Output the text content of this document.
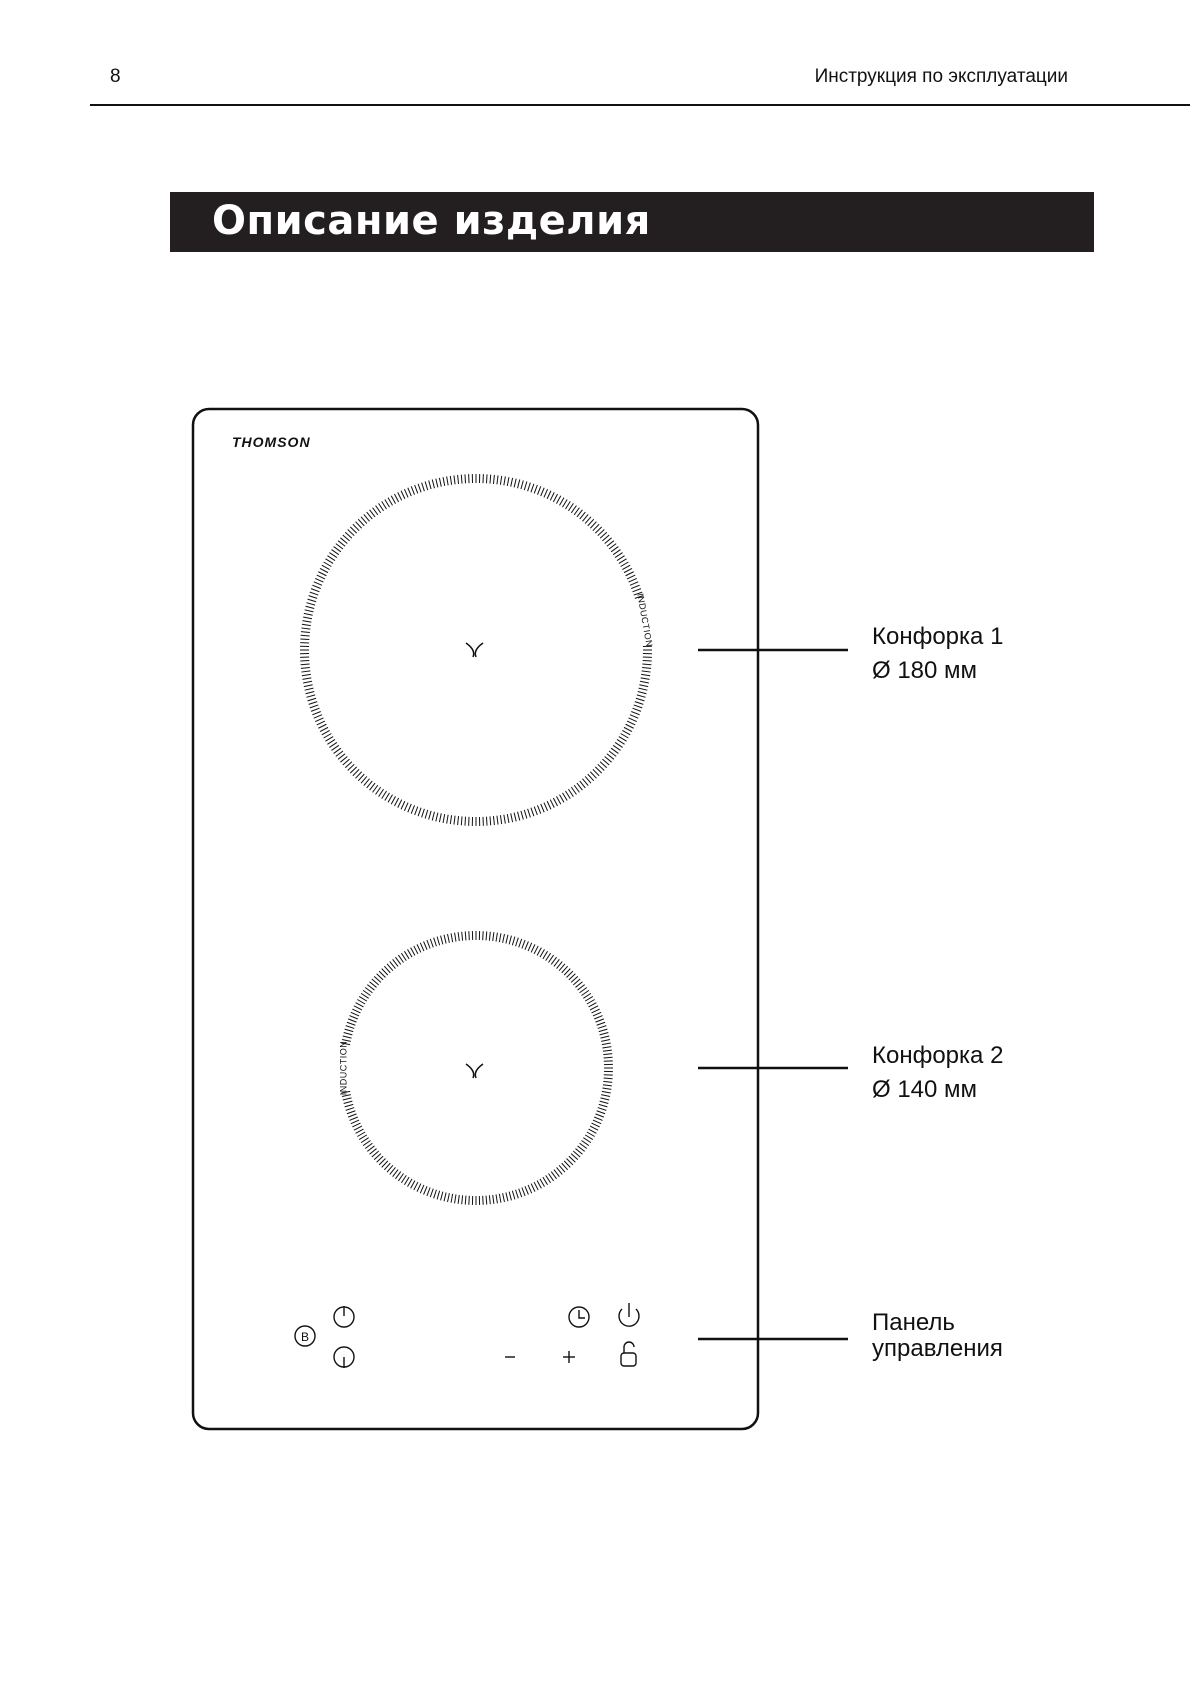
8	Инструкция по эксплуатации
Описание изделия
THOMSON
INDUCTION
INDUCTION
B
Конфорка 1
Ø 180 мм
Конфорка 2
Ø 140 мм
Панель
управления
